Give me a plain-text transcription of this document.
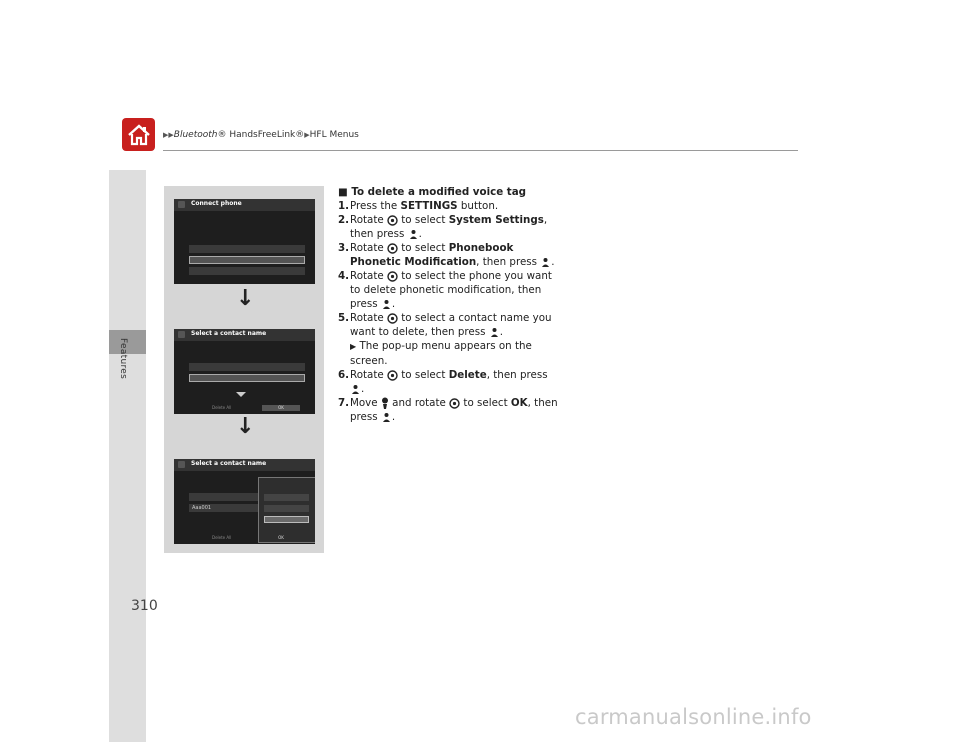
▶▶Bluetooth® HandsFreeLink®▶HFL Menus
Features
310
Connect phone
↓
Select a contact name
Delete All	OK
↓
Select a contact name
Aaa001
Delete All	OK
■ To delete a modified voice tag
1. Press the SETTINGS button.
2. Rotate  to select System Settings, then press .
3. Rotate  to select Phonebook Phonetic Modification, then press .
4. Rotate  to select the phone you want to delete phonetic modification, then press .
5. Rotate  to select a contact name you want to delete, then press .
▶ The pop-up menu appears on the screen.
6. Rotate  to select Delete, then press .
7. Move  and rotate  to select OK, then press .
carmanualsonline.info
